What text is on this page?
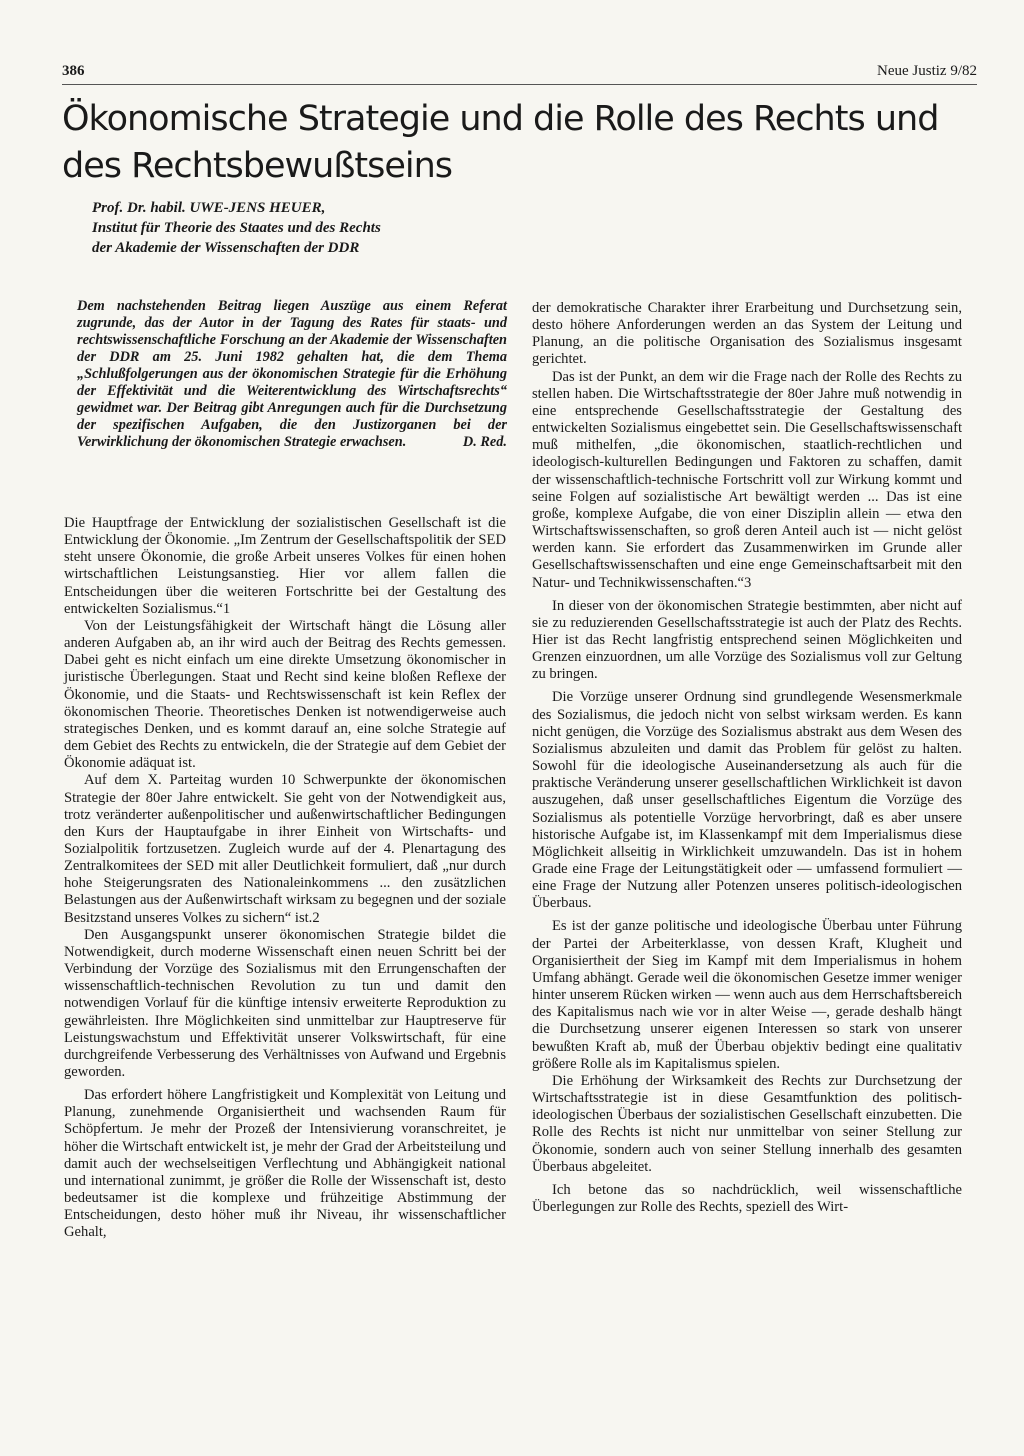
386	Neue Justiz 9/82
Ökonomische Strategie und die Rolle des Rechts und des Rechtsbewußtseins
Prof. Dr. habil. UWE-JENS HEUER,
Institut für Theorie des Staates und des Rechts
der Akademie der Wissenschaften der DDR
Dem nachstehenden Beitrag liegen Auszüge aus einem Referat zugrunde, das der Autor in der Tagung des Rates für staats- und rechtswissenschaftliche Forschung an der Akademie der Wissenschaften der DDR am 25. Juni 1982 gehalten hat, die dem Thema „Schlußfolgerungen aus der ökonomischen Strategie für die Erhöhung der Effektivität und die Weiterentwicklung des Wirtschaftsrechts“ gewidmet war. Der Beitrag gibt Anregungen auch für die Durchsetzung der spezifischen Aufgaben, die den Justizorganen bei der Verwirklichung der ökonomischen Strategie erwachsen.	D. Red.

Die Hauptfrage der Entwicklung der sozialistischen Gesellschaft ist die Entwicklung der Ökonomie. „Im Zentrum der Gesellschaftspolitik der SED steht unsere Ökonomie, die große Arbeit unseres Volkes für einen hohen wirtschaftlichen Leistungsanstieg. Hier vor allem fallen die Entscheidungen über die weiteren Fortschritte bei der Gestaltung des entwickelten Sozialismus.“1

Von der Leistungsfähigkeit der Wirtschaft hängt die Lösung aller anderen Aufgaben ab, an ihr wird auch der Beitrag des Rechts gemessen. Dabei geht es nicht einfach um eine direkte Umsetzung ökonomischer in juristische Überlegungen. Staat und Recht sind keine bloßen Reflexe der Ökonomie, und die Staats- und Rechtswissenschaft ist kein Reflex der ökonomischen Theorie. Theoretisches Denken ist notwendigerweise auch strategisches Denken, und es kommt darauf an, eine solche Strategie auf dem Gebiet des Rechts zu entwickeln, die der Strategie auf dem Gebiet der Ökonomie adäquat ist.

Auf dem X. Parteitag wurden 10 Schwerpunkte der ökonomischen Strategie der 80er Jahre entwickelt. Sie geht von der Notwendigkeit aus, trotz veränderter außenpolitischer und außenwirtschaftlicher Bedingungen den Kurs der Hauptaufgabe in ihrer Einheit von Wirtschafts- und Sozialpolitik fortzusetzen. Zugleich wurde auf der 4. Plenartagung des Zentralkomitees der SED mit aller Deutlichkeit formuliert, daß „nur durch hohe Steigerungsraten des Nationaleinkommens ... den zusätzlichen Belastungen aus der Außenwirtschaft wirksam zu begegnen und der soziale Besitzstand unseres Volkes zu sichern“ ist.2

Den Ausgangspunkt unserer ökonomischen Strategie bildet die Notwendigkeit, durch moderne Wissenschaft einen neuen Schritt bei der Verbindung der Vorzüge des Sozialismus mit den Errungenschaften der wissenschaftlich-technischen Revolution zu tun und damit den notwendigen Vorlauf für die künftige intensiv erweiterte Reproduktion zu gewährleisten. Ihre Möglichkeiten sind unmittelbar zur Hauptreserve für Leistungswachstum und Effektivität unserer Volkswirtschaft, für eine durchgreifende Verbesserung des Verhältnisses von Aufwand und Ergebnis geworden.

Das erfordert höhere Langfristigkeit und Komplexität von Leitung und Planung, zunehmende Organisiertheit und wachsenden Raum für Schöpfertum. Je mehr der Prozeß der Intensivierung voranschreitet, je höher die Wirtschaft entwickelt ist, je mehr der Grad der Arbeitsteilung und damit auch der wechselseitigen Verflechtung und Abhängigkeit national und international zunimmt, je größer die Rolle der Wissenschaft ist, desto bedeutsamer ist die komplexe und frühzeitige Abstimmung der Entscheidungen, desto höher muß ihr Niveau, ihr wissenschaftlicher Gehalt,

der demokratische Charakter ihrer Erarbeitung und Durchsetzung sein, desto höhere Anforderungen werden an das System der Leitung und Planung, an die politische Organisation des Sozialismus insgesamt gerichtet.

Das ist der Punkt, an dem wir die Frage nach der Rolle des Rechts zu stellen haben. Die Wirtschaftsstrategie der 80er Jahre muß notwendig in eine entsprechende Gesellschaftsstrategie der Gestaltung des entwickelten Sozialismus eingebettet sein. Die Gesellschaftswissenschaft muß mithelfen, „die ökonomischen, staatlich-rechtlichen und ideologisch-kulturellen Bedingungen und Faktoren zu schaffen, damit der wissenschaftlich-technische Fortschritt voll zur Wirkung kommt und seine Folgen auf sozialistische Art bewältigt werden ... Das ist eine große, komplexe Aufgabe, die von einer Disziplin allein — etwa den Wirtschaftswissenschaften, so groß deren Anteil auch ist — nicht gelöst werden kann. Sie erfordert das Zusammenwirken im Grunde aller Gesellschaftswissenschaften und eine enge Gemeinschaftsarbeit mit den Natur- und Technikwissenschaften.“3

In dieser von der ökonomischen Strategie bestimmten, aber nicht auf sie zu reduzierenden Gesellschaftsstrategie ist auch der Platz des Rechts. Hier ist das Recht langfristig entsprechend seinen Möglichkeiten und Grenzen einzuordnen, um alle Vorzüge des Sozialismus voll zur Geltung zu bringen.

Die Vorzüge unserer Ordnung sind grundlegende Wesensmerkmale des Sozialismus, die jedoch nicht von selbst wirksam werden. Es kann nicht genügen, die Vorzüge des Sozialismus abstrakt aus dem Wesen des Sozialismus abzuleiten und damit das Problem für gelöst zu halten. Sowohl für die ideologische Auseinandersetzung als auch für die praktische Veränderung unserer gesellschaftlichen Wirklichkeit ist davon auszugehen, daß unser gesellschaftliches Eigentum die Vorzüge des Sozialismus als potentielle Vorzüge hervorbringt, daß es aber unsere historische Aufgabe ist, im Klassenkampf mit dem Imperialismus diese Möglichkeit allseitig in Wirklichkeit umzuwandeln. Das ist in hohem Grade eine Frage der Leitungstätigkeit oder — umfassend formuliert — eine Frage der Nutzung aller Potenzen unseres politisch-ideologischen Überbaus.

Es ist der ganze politische und ideologische Überbau unter Führung der Partei der Arbeiterklasse, von dessen Kraft, Klugheit und Organisiertheit der Sieg im Kampf mit dem Imperialismus in hohem Umfang abhängt. Gerade weil die ökonomischen Gesetze immer weniger hinter unserem Rücken wirken — wenn auch aus dem Herrschaftsbereich des Kapitalismus nach wie vor in alter Weise —, gerade deshalb hängt die Durchsetzung unserer eigenen Interessen so stark von unserer bewußten Kraft ab, muß der Überbau objektiv bedingt eine qualitativ größere Rolle als im Kapitalismus spielen.

Die Erhöhung der Wirksamkeit des Rechts zur Durchsetzung der Wirtschaftsstrategie ist in diese Gesamtfunktion des politisch-ideologischen Überbaus der sozialistischen Gesellschaft einzubetten. Die Rolle des Rechts ist nicht nur unmittelbar von seiner Stellung zur Ökonomie, sondern auch von seiner Stellung innerhalb des gesamten Überbaus abgeleitet.

Ich betone das so nachdrücklich, weil wissenschaftliche Überlegungen zur Rolle des Rechts, speziell des Wirt-
